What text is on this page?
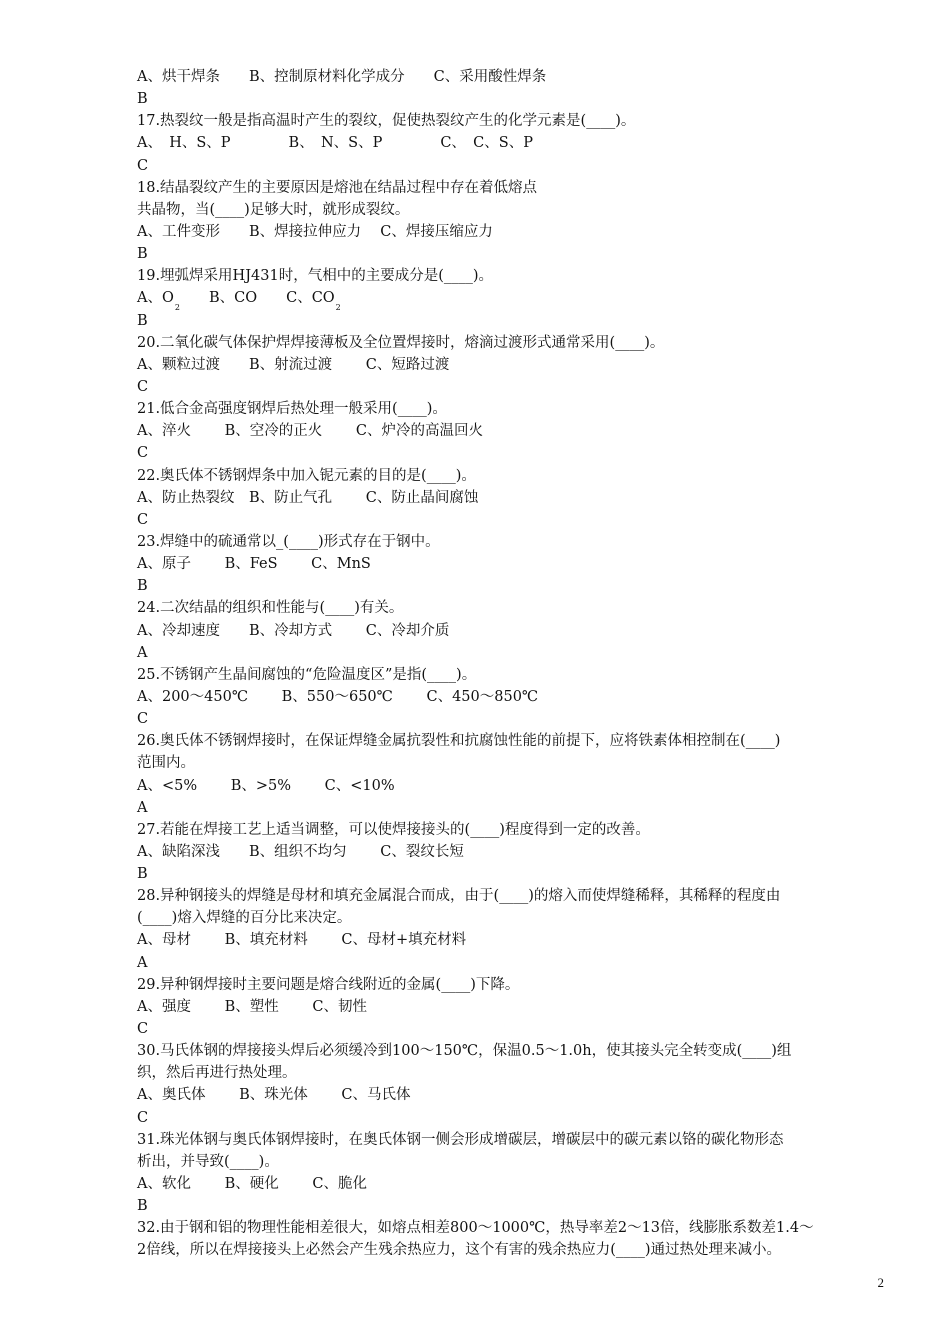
A、烘干焊条　　B、控制原材料化学成分　　C、采用酸性焊条
B
17.热裂纹一般是指高温时产生的裂纹，促使热裂纹产生的化学元素是(____)。
A、　H、S、P　　　　B、　N、S、P　　　　C、　C、S、P
C
18.结晶裂纹产生的主要原因是熔池在结晶过程中存在着低熔点
共晶物，当(____)足够大时，就形成裂纹。
A、工件变形　　B、焊接拉伸应力　 C、焊接压缩应力
B
19.埋弧焊采用HJ431时，气相中的主要成分是(____)。
A、$O_2$　　B、CO　　C、$CO_2$
B
20.二氧化碳气体保护焊焊接薄板及全位置焊接时，熔滴过渡形式通常采用(____)。
A、颗粒过渡　　B、射流过渡　　 C、短路过渡
C
21.低合金高强度钢焊后热处理一般采用(____)。
A、淬火　　 B、空冷的正火　　 C、炉冷的高温回火
C
22.奥氏体不锈钢焊条中加入铌元素的目的是(____)。
A、防止热裂纹　B、防止气孔　　 C、防止晶间腐蚀
C
23.焊缝中的硫通常以_(____)形式存在于钢中。
A、原子　　 B、FeS　　 C、MnS
B
24.二次结晶的组织和性能与(____)有关。
A、冷却速度　　B、冷却方式　　 C、冷却介质
A
25.不锈钢产生晶间腐蚀的“危险温度区”是指(____)。
A、200～450℃　　 B、550～650℃　　 C、450～850℃
C
26.奥氏体不锈钢焊接时，在保证焊缝金属抗裂性和抗腐蚀性能的前提下，应将铁素体相控制在(____)
范围内。
A、<5%　　 B、>5%　　 C、<10%
A
27.若能在焊接工艺上适当调整，可以使焊接接头的(____)程度得到一定的改善。
A、缺陷深浅　　B、组织不均匀　　 C、裂纹长短
B
28.异种钢接头的焊缝是母材和填充金属混合而成，由于(____)的熔入而使焊缝稀释，其稀释的程度由
(____)熔入焊缝的百分比来决定。
A、母材　　 B、填充材料　　 C、母材+填充材料
A
29.异种钢焊接时主要问题是熔合线附近的金属(____)下降。
A、强度　　 B、塑性　　 C、韧性
C
30.马氏体钢的焊接接头焊后必须缓冷到100～150℃，保温0.5～1.0h，使其接头完全转变成(____)组
织，然后再进行热处理。
A、奥氏体　　 B、珠光体　　 C、马氏体
C
31.珠光体钢与奥氏体钢焊接时，在奥氏体钢一侧会形成增碳层，增碳层中的碳元素以铬的碳化物形态
析出，并导致(____)。
A、软化　　 B、硬化　　 C、脆化
B
32.由于钢和铝的物理性能相差很大，如熔点相差800～1000℃，热导率差2～13倍，线膨胀系数差1.4～
2倍线，所以在焊接接头上必然会产生残余热应力，这个有害的残余热应力(____)通过热处理来减小。
2
